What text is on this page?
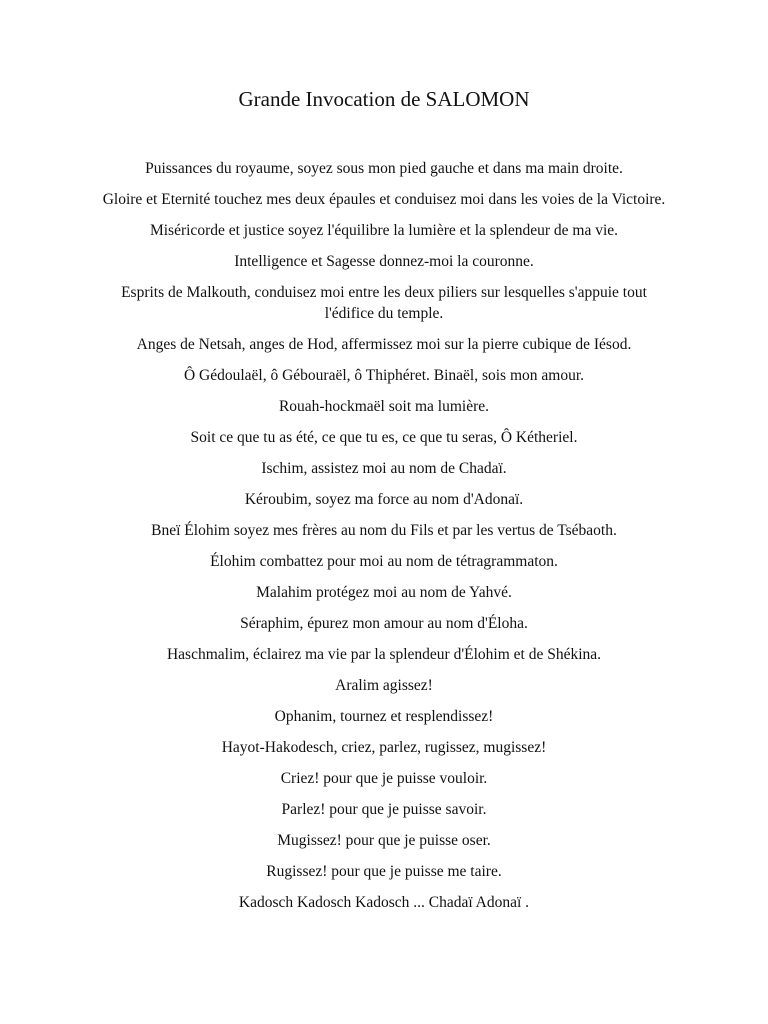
Grande Invocation de SALOMON

Puissances du royaume, soyez sous mon pied gauche et dans ma main droite.

Gloire et Eternité touchez mes deux épaules et conduisez moi dans les voies de la Victoire.

Miséricorde et justice soyez l'équilibre la lumière et la splendeur de ma vie.

Intelligence et Sagesse donnez-moi la couronne.

Esprits de Malkouth, conduisez moi entre les deux piliers sur lesquelles s'appuie tout l'édifice du temple.

Anges de Netsah, anges de Hod, affermissez moi sur la pierre cubique de Iésod.

Ô Gédoulaël, ô Gébouraël, ô Thiphéret. Binaël, sois mon amour.

Rouah-hockmaël soit ma lumière.

Soit ce que tu as été, ce que tu es, ce que tu seras, Ô Kétheriel.

Ischim, assistez moi au nom de Chadaï.

Kéroubim, soyez ma force au nom d'Adonaï.

Bneï Élohim soyez mes frères au nom du Fils et par les vertus de Tsébaoth.

Élohim combattez pour moi au nom de tétragrammaton.

Malahim protégez moi au nom de Yahvé.

Séraphim, épurez mon amour au nom d'Éloha.

Haschmalim, éclairez ma vie par la splendeur d'Élohim et de Shékina.

Aralim agissez!

Ophanim, tournez et resplendissez!

Hayot-Hakodesch, criez, parlez, rugissez, mugissez!

Criez! pour que je puisse vouloir.

Parlez! pour que je puisse savoir.

Mugissez! pour que je puisse oser.

Rugissez! pour que je puisse me taire.

Kadosch Kadosch Kadosch ... Chadaï Adonaï .
